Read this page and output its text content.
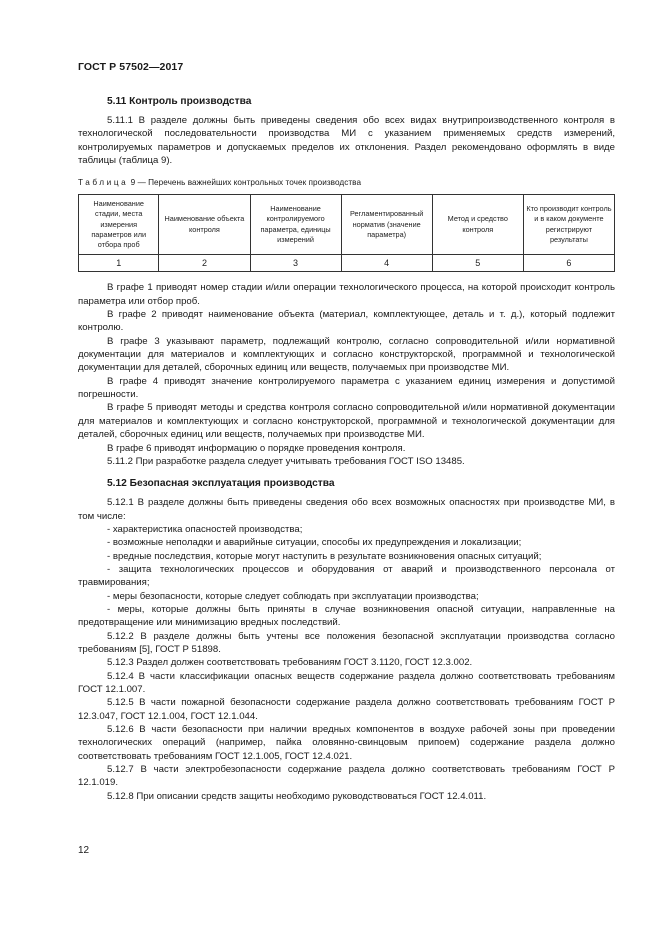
ГОСТ Р 57502—2017
5.11 Контроль производства

5.11.1 В разделе должны быть приведены сведения обо всех видах внутрипроизводственного контроля в технологической последовательности производства МИ с указанием применяемых средств измерений, контролируемых параметров и допускаемых пределов их отклонения. Раздел рекомендовано оформлять в виде таблицы (таблица 9).

Таблица 9 — Перечень важнейших контрольных точек производства
Наименование стадии, места измерения параметров или отбора проб	Наименование объекта контроля	Наименование контролируемого параметра, единицы измерений	Регламентированный норматив (значение параметра)	Метод и средство контроля	Кто производит контроль и в каком документе регистрируют результаты
1	2	3	4	5	6

В графе 1 приводят номер стадии и/или операции технологического процесса, на которой происходит контроль параметра или отбор проб.

В графе 2 приводят наименование объекта (материал, комплектующее, деталь и т. д.), который подлежит контролю.

В графе 3 указывают параметр, подлежащий контролю, согласно сопроводительной и/или нормативной документации для материалов и комплектующих и согласно конструкторской, программной и технологической документации для деталей, сборочных единиц или веществ, получаемых при производстве МИ.

В графе 4 приводят значение контролируемого параметра с указанием единиц измерения и допустимой погрешности.

В графе 5 приводят методы и средства контроля согласно сопроводительной и/или нормативной документации для материалов и комплектующих и согласно конструкторской, программной и технологической документации для деталей, сборочных единиц или веществ, получаемых при производстве МИ.

В графе 6 приводят информацию о порядке проведения контроля.

5.11.2 При разработке раздела следует учитывать требования ГОСТ ISO 13485.

5.12 Безопасная эксплуатация производства

5.12.1 В разделе должны быть приведены сведения обо всех возможных опасностях при производстве МИ, в том числе:

- характеристика опасностей производства;

- возможные неполадки и аварийные ситуации, способы их предупреждения и локализации;

- вредные последствия, которые могут наступить в результате возникновения опасных ситуаций;

- защита технологических процессов и оборудования от аварий и производственного персонала от травмирования;

- меры безопасности, которые следует соблюдать при эксплуатации производства;

- меры, которые должны быть приняты в случае возникновения опасной ситуации, направленные на предотвращение или минимизацию вредных последствий.

5.12.2 В разделе должны быть учтены все положения безопасной эксплуатации производства согласно требованиям [5], ГОСТ Р 51898.

5.12.3 Раздел должен соответствовать требованиям ГОСТ 3.1120, ГОСТ 12.3.002.

5.12.4 В части классификации опасных веществ содержание раздела должно соответствовать требованиям ГОСТ 12.1.007.

5.12.5 В части пожарной безопасности содержание раздела должно соответствовать требованиям ГОСТ Р 12.3.047, ГОСТ 12.1.004, ГОСТ 12.1.044.

5.12.6 В части безопасности при наличии вредных компонентов в воздухе рабочей зоны при проведении технологических операций (например, пайка оловянно-свинцовым припоем) содержание раздела должно соответствовать требованиям ГОСТ 12.1.005, ГОСТ 12.4.021.

5.12.7 В части электробезопасности содержание раздела должно соответствовать требованиям ГОСТ Р 12.1.019.

5.12.8 При описании средств защиты необходимо руководствоваться ГОСТ 12.4.011.

12
